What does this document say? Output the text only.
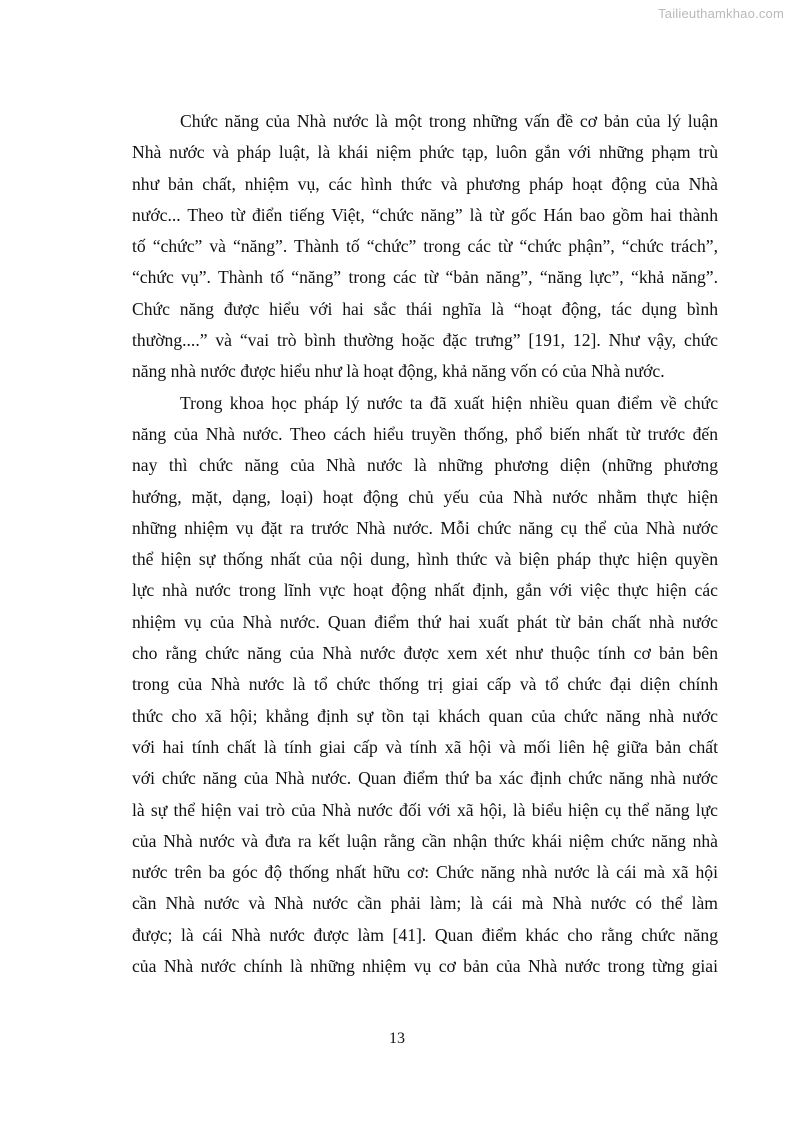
Tailieuthamkhao.com
Chức năng của Nhà nước là một trong những vấn đề cơ bản của lý luận
Nhà nước và pháp luật, là khái niệm phức tạp, luôn gắn với những phạm trù
như bản chất, nhiệm vụ, các hình thức và phương pháp hoạt động của Nhà
nước... Theo từ điển tiếng Việt, “chức năng” là từ gốc Hán bao gồm hai thành
tố “chức” và “năng”. Thành tố “chức” trong các từ “chức phận”, “chức trách”,
“chức vụ”. Thành tố “năng” trong các từ “bản năng”, “năng lực”, “khả năng”.
Chức năng được hiểu với hai sắc thái nghĩa là “hoạt động, tác dụng bình
thường....” và “vai trò bình thường hoặc đặc trưng” [191, 12]. Như vậy, chức
năng nhà nước được hiểu như là hoạt động, khả năng vốn có của Nhà nước.
Trong khoa học pháp lý nước ta đã xuất hiện nhiều quan điểm về chức
năng của Nhà nước. Theo cách hiểu truyền thống, phổ biến nhất từ trước đến
nay thì chức năng của Nhà nước là những phương diện (những phương
hướng, mặt, dạng, loại) hoạt động chủ yếu của Nhà nước nhằm thực hiện
những nhiệm vụ đặt ra trước Nhà nước. Mỗi chức năng cụ thể của Nhà nước
thể hiện sự thống nhất của nội dung, hình thức và biện pháp thực hiện quyền
lực nhà nước trong lĩnh vực hoạt động nhất định, gắn với việc thực hiện các
nhiệm vụ của Nhà nước. Quan điểm thứ hai xuất phát từ bản chất nhà nước
cho rằng chức năng của Nhà nước được xem xét như thuộc tính cơ bản bên
trong của Nhà nước là tổ chức thống trị giai cấp và tổ chức đại diện chính
thức cho xã hội; khẳng định sự tồn tại khách quan của chức năng nhà nước
với hai tính chất là tính giai cấp và tính xã hội và mối liên hệ giữa bản chất
với chức năng của Nhà nước. Quan điểm thứ ba xác định chức năng nhà nước
là sự thể hiện vai trò của Nhà nước đối với xã hội, là biểu hiện cụ thể năng lực
của Nhà nước và đưa ra kết luận rằng cần nhận thức khái niệm chức năng nhà
nước trên ba góc độ thống nhất hữu cơ: Chức năng nhà nước là cái mà xã hội
cần Nhà nước và Nhà nước cần phải làm; là cái mà Nhà nước có thể làm
được; là cái Nhà nước được làm [41]. Quan điểm khác cho rằng chức năng
của Nhà nước chính là những nhiệm vụ cơ bản của Nhà nước trong từng giai
13
